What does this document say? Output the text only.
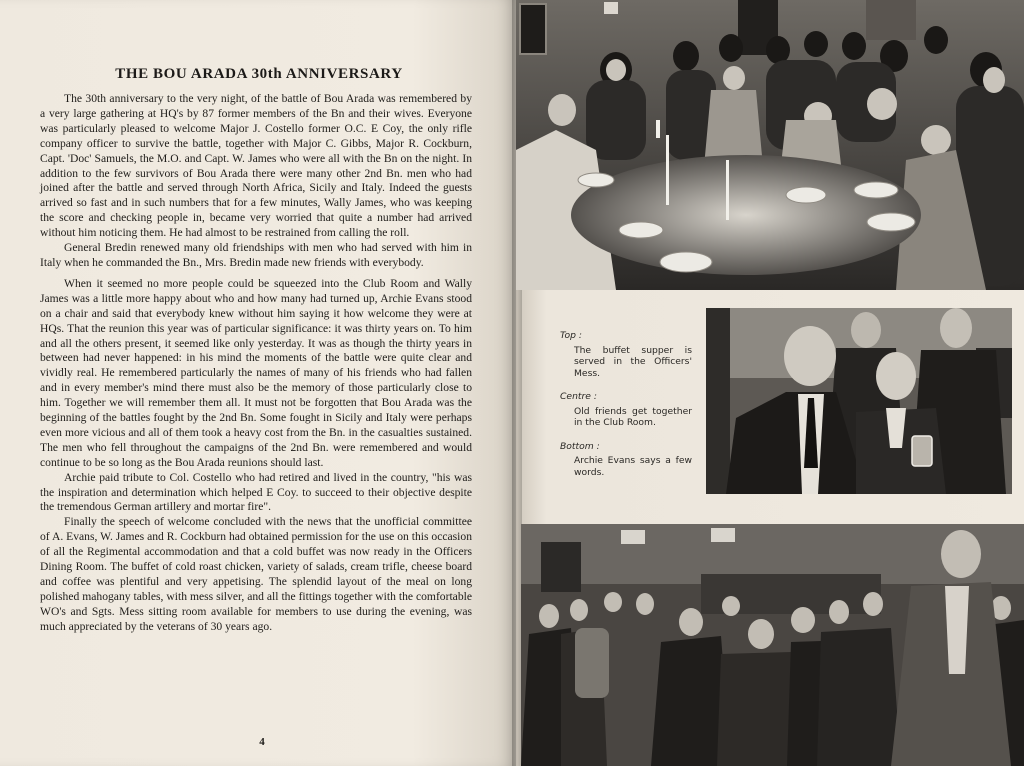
THE BOU ARADA 30th ANNIVERSARY

The 30th anniversary to the very night, of the battle of Bou Arada was remembered by a very large gathering at HQ's by 87 former members of the Bn and their wives. Everyone was particularly pleased to welcome Major J. Costello former O.C. E Coy, the only rifle company officer to survive the battle, together with Major C. Gibbs, Major R. Cockburn, Capt. 'Doc' Samuels, the M.O. and Capt. W. James who were all with the Bn on the night. In addition to the few survivors of Bou Arada there were many other 2nd Bn. men who had joined after the battle and served through North Africa, Sicily and Italy. Indeed the guests arrived so fast and in such numbers that for a few minutes, Wally James, who was keeping the score and checking people in, became very worried that quite a number had arrived without him noticing them. He had almost to be restrained from calling the roll.

General Bredin renewed many old friendships with men who had served with him in Italy when he commanded the Bn., Mrs. Bredin made new friends with everybody.

When it seemed no more people could be squeezed into the Club Room and Wally James was a little more happy about who and how many had turned up, Archie Evans stood on a chair and said that everybody knew without him saying it how welcome they were at HQs. That the reunion this year was of particular significance: it was thirty years on. To him and all the others present, it seemed like only yesterday. It was as though the thirty years in between had never happened: in his mind the moments of the battle were quite clear and vividly real. He remembered particularly the names of many of his friends who had fallen and in every member's mind there must also be the memory of those particularly close to him. Together we will remember them all. It must not be forgotten that Bou Arada was the beginning of the battles fought by the 2nd Bn. Some fought in Sicily and Italy were perhaps even more vicious and all of them took a heavy cost from the Bn. in the casualties sustained. The men who fell throughout the campaigns of the 2nd Bn. were remembered and would continue to be so long as the Bou Arada reunions should last.

Archie paid tribute to Col. Costello who had retired and lived in the country, "his was the inspiration and determination which helped E Coy. to succeed to their objective despite the tremendous German artillery and mortar fire".

Finally the speech of welcome concluded with the news that the unofficial committee of A. Evans, W. James and R. Cockburn had obtained permission for the use on this occasion of all the Regimental accommodation and that a cold buffet was now ready in the Officers Dining Room. The buffet of cold roast chicken, variety of salads, cream trifle, cheese board and coffee was plentiful and very appetising. The splendid layout of the meal on long polished mahogany tables, with mess silver, and all the fittings together with the comfortable WO's and Sgts. Mess sitting room available for members to use during the evening, was much appreciated by the veterans of 30 years ago.

4
Top :
The buffet supper is served in the Officers' Mess.
Centre :
Old friends get together in the Club Room.
Bottom :
Archie Evans says a few words.
